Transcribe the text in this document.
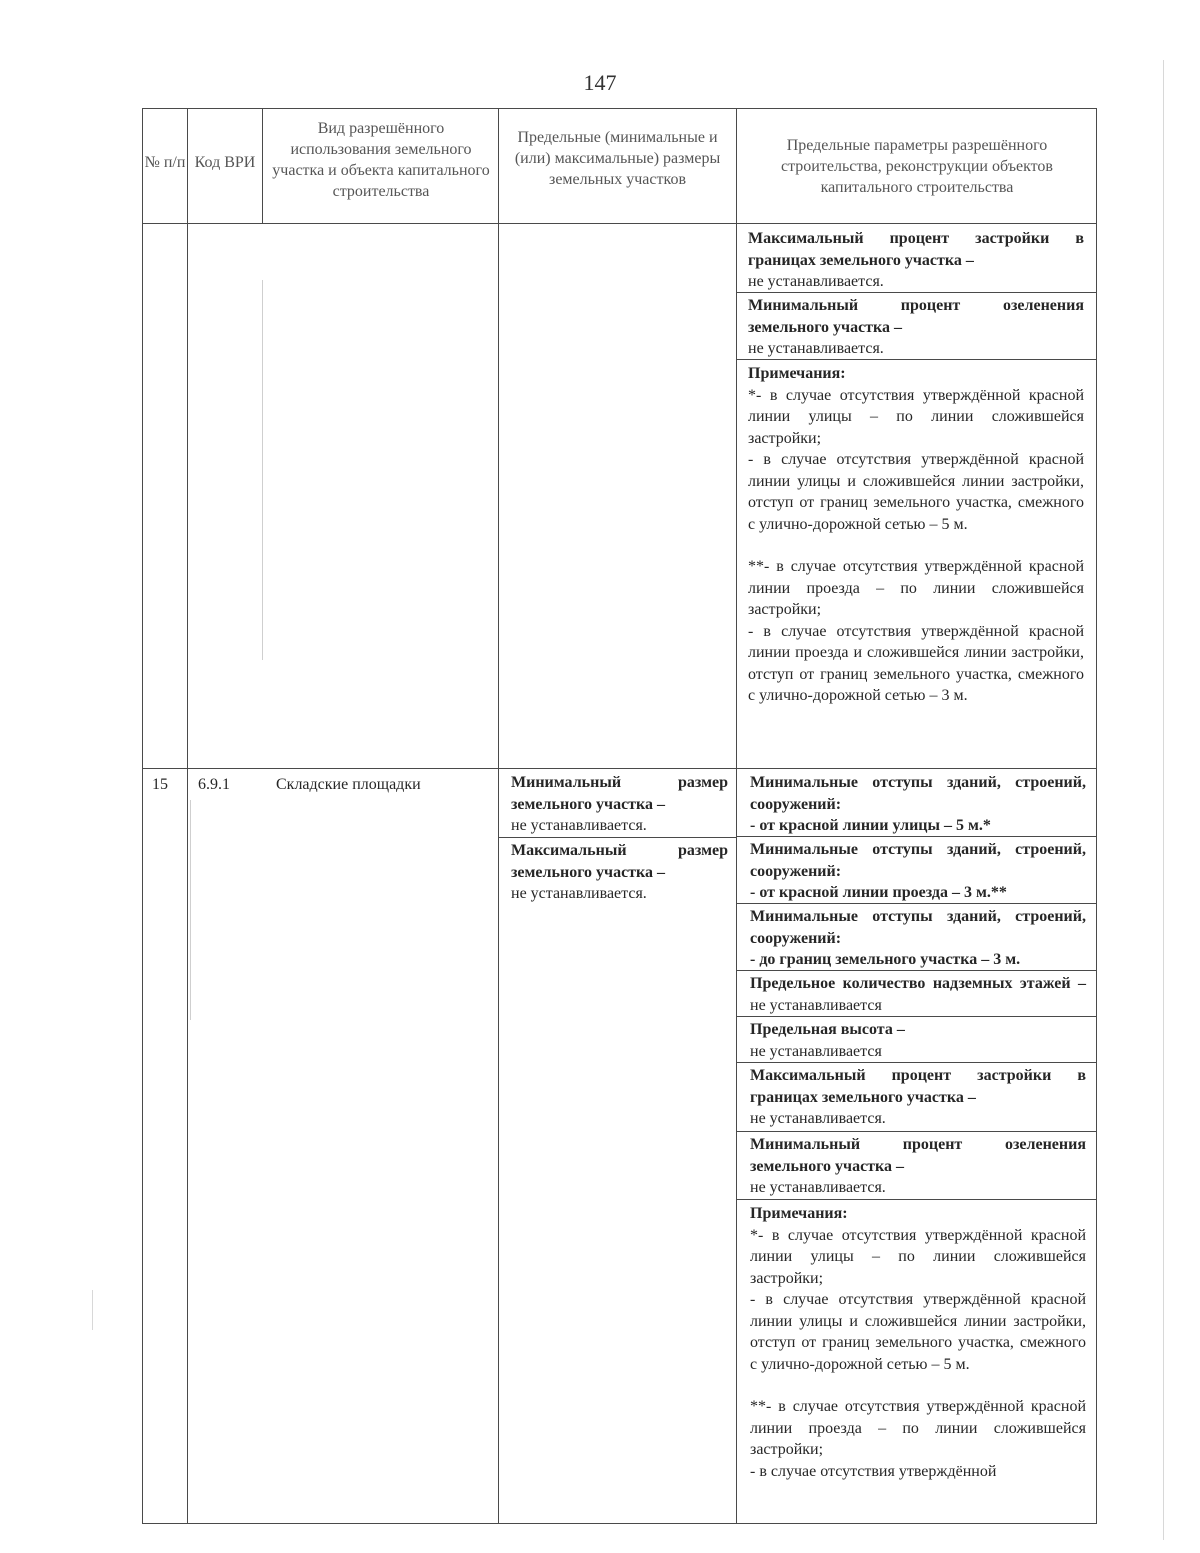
147
№ п/п Код ВРИ
Вид разрешённого использования земельного участка и объекта капитального строительства
Предельные (минимальные и (или) максимальные) размеры земельных участков
Предельные параметры разрешённого строительства, реконструкции объектов капитального строительства
Максимальный процент застройки в границах земельного участка –
не устанавливается.
Минимальный процент озеленения земельного участка –
не устанавливается.
Примечания:
*- в случае отсутствия утверждённой красной линии улицы – по линии сложившейся застройки;
- в случае отсутствия утверждённой красной линии улицы и сложившейся линии застройки, отступ от границ земельного участка, смежного с улично-дорожной сетью – 5 м.
**- в случае отсутствия утверждённой красной линии проезда – по линии сложившейся застройки;
- в случае отсутствия утверждённой красной линии проезда и сложившейся линии застройки, отступ от границ земельного участка, смежного с улично-дорожной сетью – 3 м.
15 6.9.1	Складские площадки	Минимальный размер земельного участка –
не устанавливается.
Максимальный размер земельного участка –
не устанавливается.
Минимальные отступы зданий, строений, сооружений:
- от красной линии улицы – 5 м.*
Минимальные отступы зданий, строений, сооружений:
- от красной линии проезда – 3 м.**
Минимальные отступы зданий, строений, сооружений:
- до границ земельного участка – 3 м.
Предельное количество надземных этажей – не устанавливается
Предельная высота –
не устанавливается
Максимальный процент застройки в границах земельного участка –
не устанавливается.
Минимальный процент озеленения земельного участка –
не устанавливается.
Примечания:
*- в случае отсутствия утверждённой красной линии улицы – по линии сложившейся застройки;
- в случае отсутствия утверждённой красной линии улицы и сложившейся линии застройки, отступ от границ земельного участка, смежного с улично-дорожной сетью – 5 м.
**- в случае отсутствия утверждённой красной линии проезда – по линии сложившейся застройки;
- в случае отсутствия утверждённой
